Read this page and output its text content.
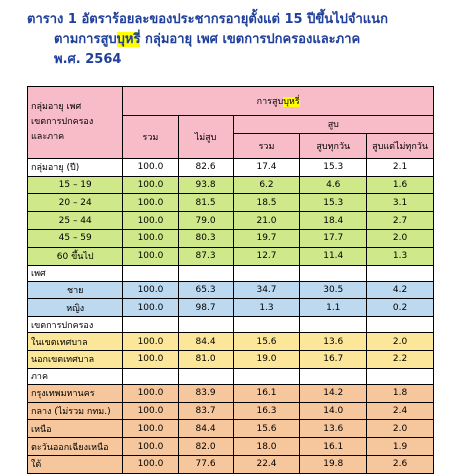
ตาราง 1 อัตราร้อยละของประชากรอายุตั้งแต่ 15 ปีขึ้นไปจำแนก
ตามการสูบบุหรี่ กลุ่มอายุ เพศ เขตการปกครองและภาค
พ.ศ. 2564
กลุ่มอายุ เพศ
เขตการปกครอง
และภาค	การสูบบุหรี่				
	รวม	ไม่สูบ	สูบ		
			รวม	สูบทุกวัน	สูบแต่ไม่ทุกวัน
กลุ่มอายุ (ปี)	100.0	82.6	17.4	15.3	2.1
15 – 19	100.0	93.8	6.2	4.6	1.6
20 – 24	100.0	81.5	18.5	15.3	3.1
25 – 44	100.0	79.0	21.0	18.4	2.7
45 – 59	100.0	80.3	19.7	17.7	2.0
60 ขึ้นไป	100.0	87.3	12.7	11.4	1.3
เพศ					
ชาย	100.0	65.3	34.7	30.5	4.2
หญิง	100.0	98.7	1.3	1.1	0.2
เขตการปกครอง					
ในเขตเทศบาล	100.0	84.4	15.6	13.6	2.0
นอกเขตเทศบาล	100.0	81.0	19.0	16.7	2.2
ภาค					
กรุงเทพมหานคร	100.0	83.9	16.1	14.2	1.8
กลาง (ไม่รวม กทม.)	100.0	83.7	16.3	14.0	2.4
เหนือ	100.0	84.4	15.6	13.6	2.0
ตะวันออกเฉียงเหนือ	100.0	82.0	18.0	16.1	1.9
ใต้	100.0	77.6	22.4	19.8	2.6
